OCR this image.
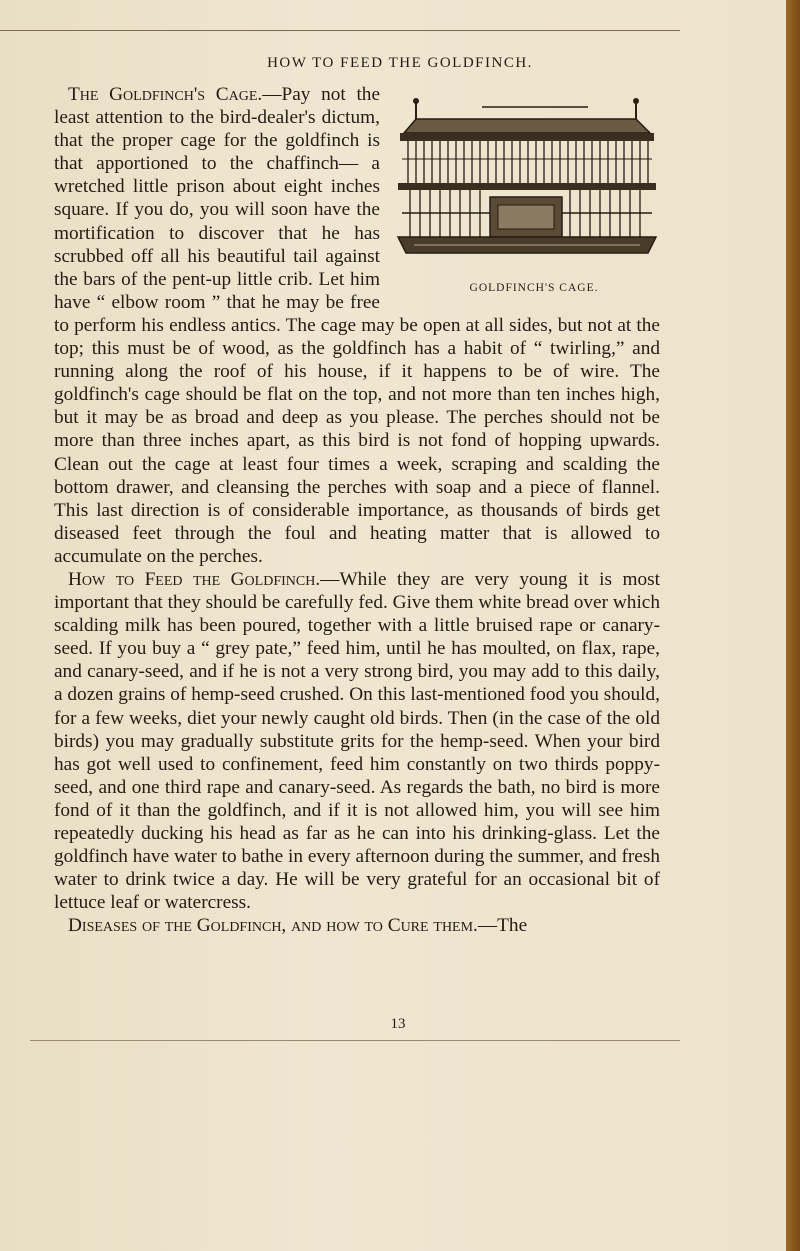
HOW TO FEED THE GOLDFINCH.

GOLDFINCH'S CAGE.
The Goldfinch's Cage.—Pay not the least attention to the bird-dealer's dictum, that the proper cage for the goldfinch is that apportioned to the chaffinch— a wretched little prison about eight inches square. If you do, you will soon have the mortification to discover that he has scrubbed off all his beautiful tail against the bars of the pent-up little crib. Let him have “ elbow room ” that he may be free to perform his endless antics. The cage may be open at all sides, but not at the top; this must be of wood, as the goldfinch has a habit of “ twirling,” and running along the roof of his house, if it happens to be of wire. The goldfinch's cage should be flat on the top, and not more than ten inches high, but it may be as broad and deep as you please. The perches should not be more than three inches apart, as this bird is not fond of hopping upwards. Clean out the cage at least four times a week, scraping and scalding the bottom drawer, and cleansing the perches with soap and a piece of flannel. This last direction is of considerable importance, as thousands of birds get diseased feet through the foul and heating matter that is allowed to accumulate on the perches.

How to Feed the Goldfinch.—While they are very young it is most important that they should be carefully fed. Give them white bread over which scalding milk has been poured, together with a little bruised rape or canary-seed. If you buy a “ grey pate,” feed him, until he has moulted, on flax, rape, and canary-seed, and if he is not a very strong bird, you may add to this daily, a dozen grains of hemp-seed crushed. On this last-mentioned food you should, for a few weeks, diet your newly caught old birds. Then (in the case of the old birds) you may gradually substitute grits for the hemp-seed. When your bird has got well used to confinement, feed him constantly on two thirds poppy-seed, and one third rape and canary-seed. As regards the bath, no bird is more fond of it than the goldfinch, and if it is not allowed him, you will see him repeatedly ducking his head as far as he can into his drinking-glass. Let the goldfinch have water to bathe in every afternoon during the summer, and fresh water to drink twice a day. He will be very grateful for an occasional bit of lettuce leaf or watercress.

Diseases of the Goldfinch, and how to Cure them.—The

13
